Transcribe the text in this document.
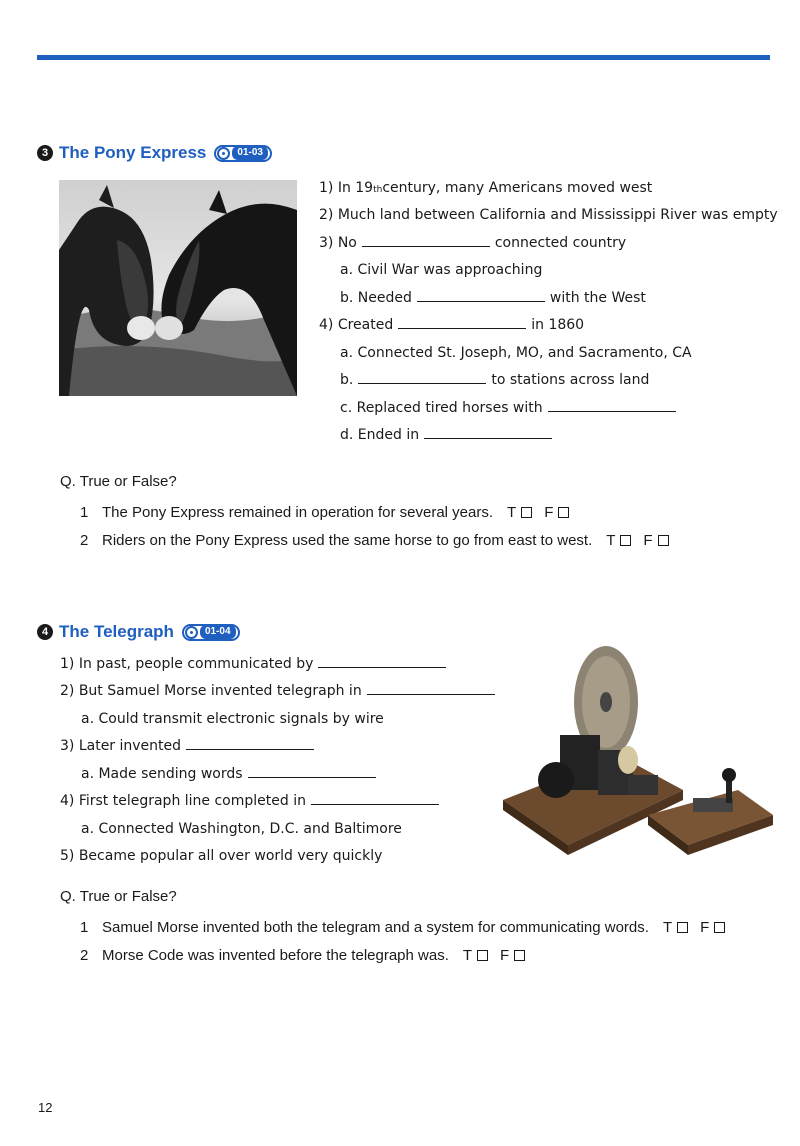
3 The Pony Express	01-03
1) In 19 th century, many Americans moved west
2) Much land between California and Mississippi River was empty
3) No	connected country
a. Civil War was approaching
b. Needed	with the West
4) Created	in 1860
a. Connected St. Joseph, MO, and Sacramento, CA
b.	to stations across land
c. Replaced tired horses with
d. Ended in
Q. True or False?
1 The Pony Express remained in operation for several years. T F
2 Riders on the Pony Express used the same horse to go from east to west. T F
4 The Telegraph	01-04
1) In past, people communicated by
2) But Samuel Morse invented telegraph in
a. Could transmit electronic signals by wire
3) Later invented
a. Made sending words
4) First telegraph line completed in
a. Connected Washington, D.C. and Baltimore
5) Became popular all over world very quickly
Q. True or False?
1 Samuel Morse invented both the telegram and a system for communicating words. T F
2 Morse Code was invented before the telegraph was. T F
12
